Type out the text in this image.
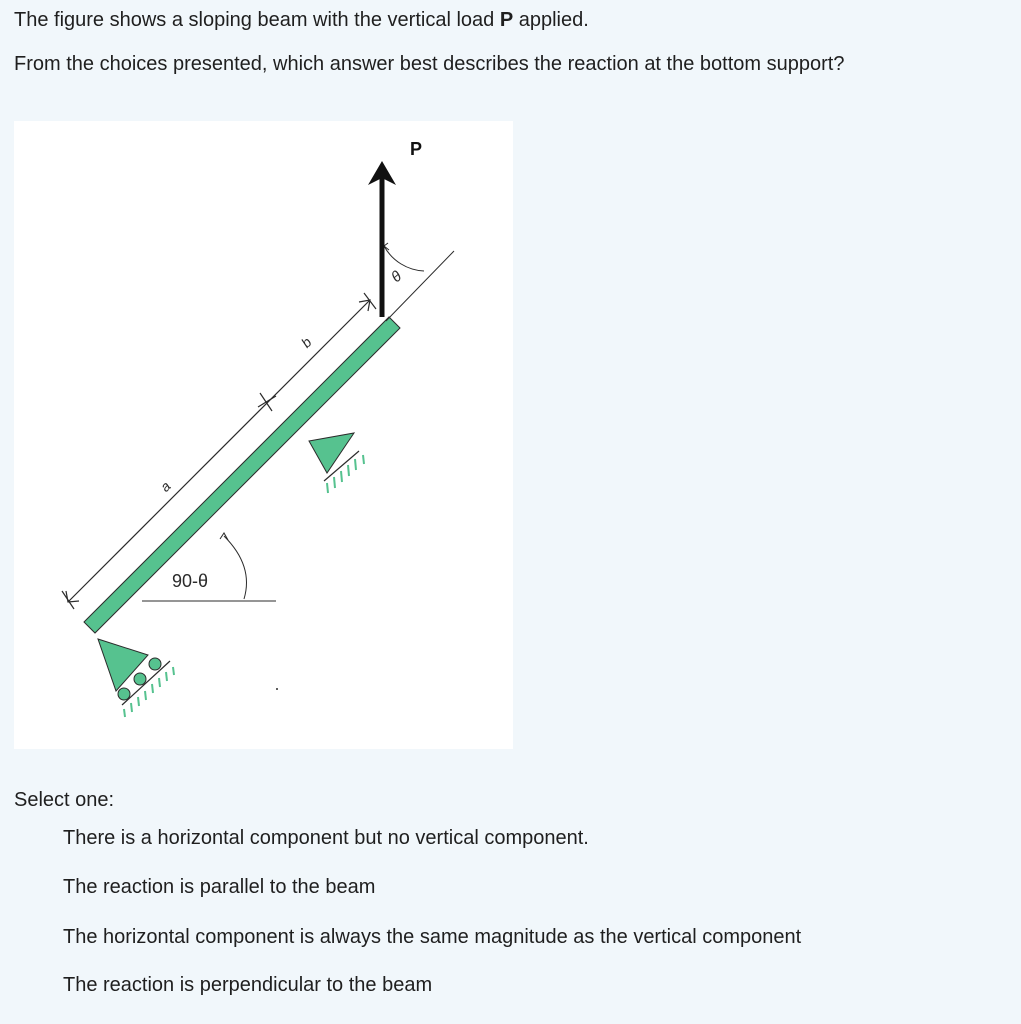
The figure shows a sloping beam with the vertical load P applied.
From the choices presented, which answer best describes the reaction at the bottom support?
a
b
θ
P
90-θ
Select one:
There is a horizontal component but no vertical component.
The reaction is parallel to the beam
The horizontal component is always the same magnitude as the vertical component
The reaction is perpendicular to the beam
